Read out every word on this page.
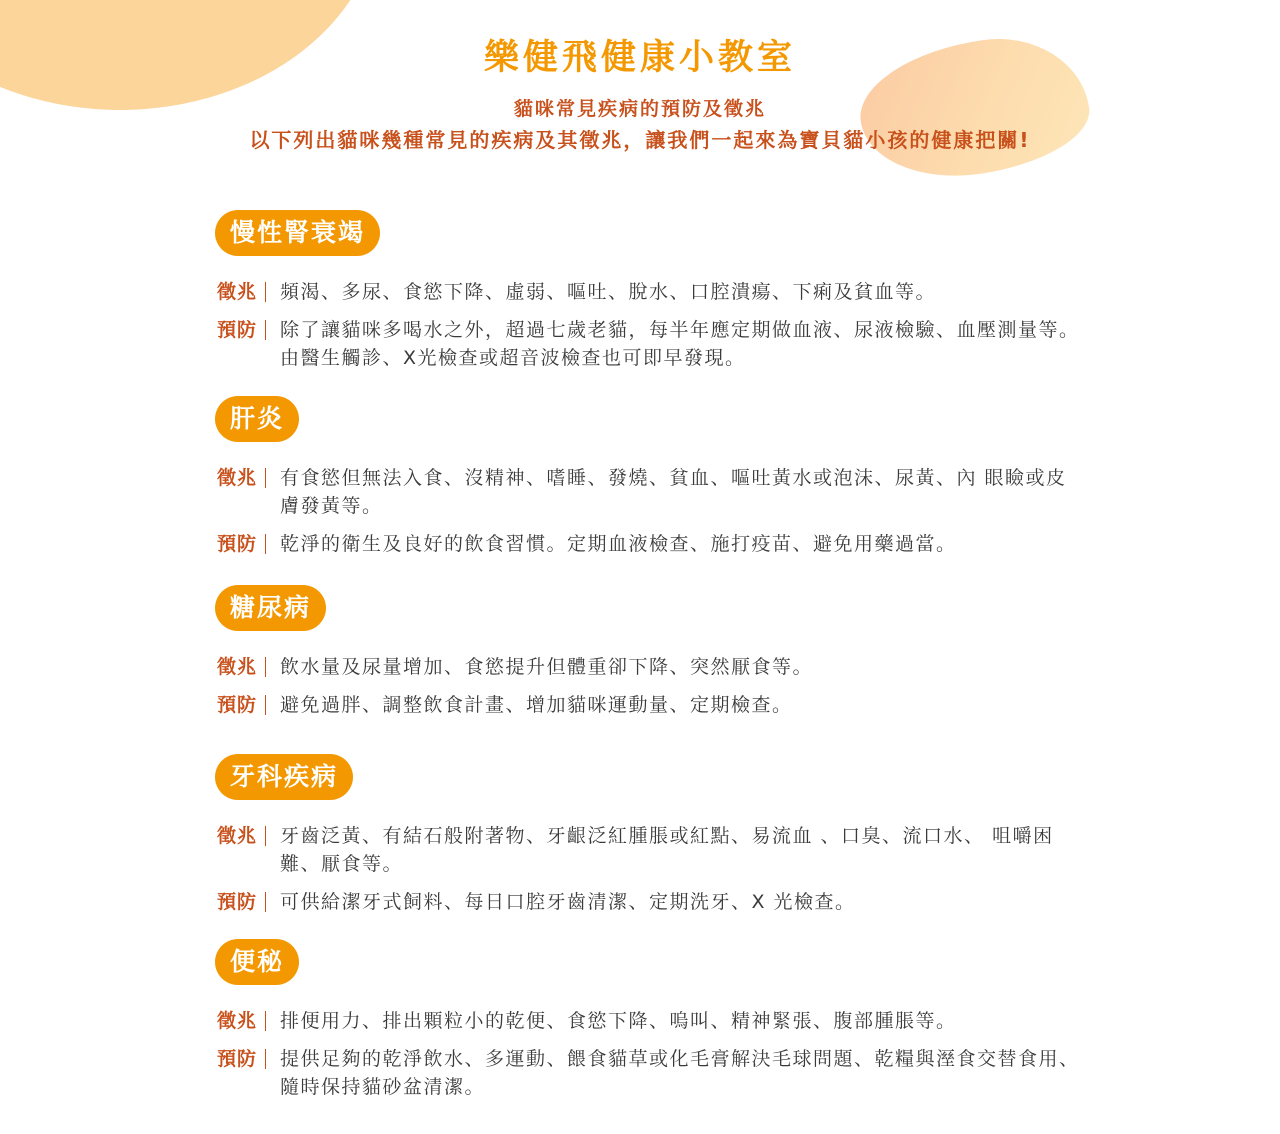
樂健飛健康小教室
貓咪常見疾病的預防及徵兆
以下列出貓咪幾種常見的疾病及其徵兆，讓我們一起來為寶貝貓小孩的健康把關!
慢性腎衰竭
徵兆 頻渴、多尿、食慾下降、虛弱、嘔吐、脫水、口腔潰瘍、下痢及貧血等。
預防 除了讓貓咪多喝水之外，超過七歲老貓，每半年應定期做血液、尿液檢驗、血壓測量等。由醫生觸診、X光檢查或超音波檢查也可即早發現。
肝炎
徵兆 有食慾但無法入食、沒精神、嗜睡、發燒、貧血、嘔吐黃水或泡沫、尿黃、內 眼瞼或皮膚發黃等。
預防 乾淨的衛生及良好的飲食習慣。定期血液檢查、施打疫苗、避免用藥過當。
糖尿病
徵兆 飲水量及尿量增加、食慾提升但體重卻下降、突然厭食等。
預防 避免過胖、調整飲食計畫、增加貓咪運動量、定期檢查。
牙科疾病
徵兆 牙齒泛黃、有結石般附著物、牙齦泛紅腫脹或紅點、易流血 、口臭、流口水、 咀嚼困難、厭食等。
預防 可供給潔牙式飼料、每日口腔牙齒清潔、定期洗牙、X 光檢查。
便秘
徵兆 排便用力、排出顆粒小的乾便、食慾下降、嗚叫、精神緊張、腹部腫脹等。
預防 提供足夠的乾淨飲水、多運動、餵食貓草或化毛膏解決毛球問題、乾糧與溼食交替食用、隨時保持貓砂盆清潔。
